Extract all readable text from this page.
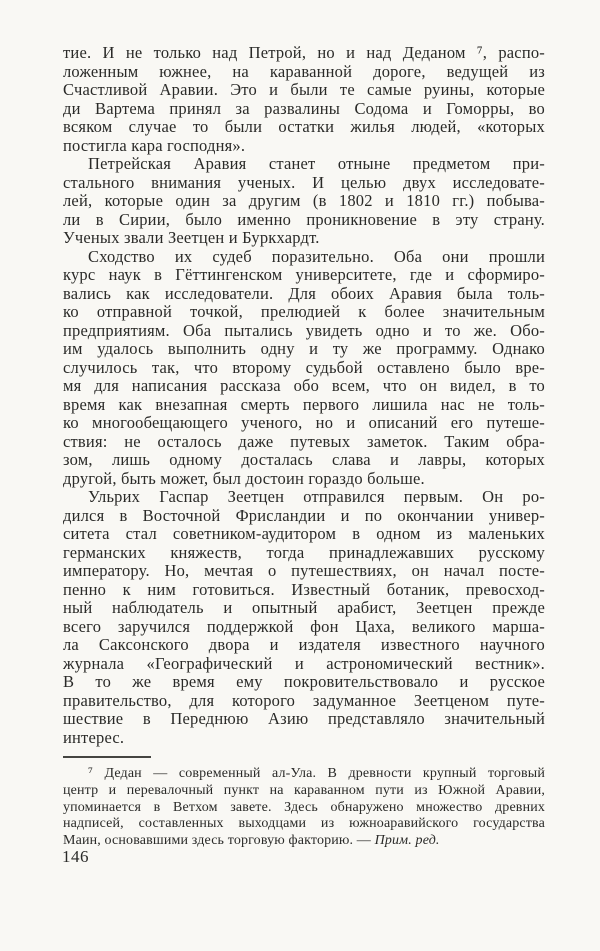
тие. И не только над Петрой, но и над Деданом ⁷, распо-
ложенным южнее, на караванной дороге, ведущей из
Счастливой Аравии. Это и были те самые руины, которые
ди Вартема принял за развалины Содома и Гоморры, во
всяком случае то были остатки жилья людей, «которых
постигла кара господня».
Петрейская Аравия станет отныне предметом при-
стального внимания ученых. И целью двух исследовате-
лей, которые один за другим (в 1802 и 1810 гг.) побыва-
ли в Сирии, было именно проникновение в эту страну.
Ученых звали Зеетцен и Буркхардт.
Сходство их судеб поразительно. Оба они прошли
курс наук в Гёттингенском университете, где и сформиро-
вались как исследователи. Для обоих Аравия была толь-
ко отправной точкой, прелюдией к более значительным
предприятиям. Оба пытались увидеть одно и то же. Обо-
им удалось выполнить одну и ту же программу. Однако
случилось так, что второму судьбой оставлено было вре-
мя для написания рассказа обо всем, что он видел, в то
время как внезапная смерть первого лишила нас не толь-
ко многообещающего ученого, но и описаний его путеше-
ствия: не осталось даже путевых заметок. Таким обра-
зом, лишь одному досталась слава и лавры, которых
другой, быть может, был достоин гораздо больше.
Ульрих Гаспар Зеетцен отправился первым. Он ро-
дился в Восточной Фрисландии и по окончании универ-
ситета стал советником-аудитором в одном из маленьких
германских княжеств, тогда принадлежавших русскому
императору. Но, мечтая о путешествиях, он начал посте-
пенно к ним готовиться. Известный ботаник, превосход-
ный наблюдатель и опытный арабист, Зеетцен прежде
всего заручился поддержкой фон Цаха, великого марша-
ла Саксонского двора и издателя известного научного
журнала «Географический и астрономический вестник».
В то же время ему покровительствовало и русское
правительство, для которого задуманное Зеетценом путе-
шествие в Переднюю Азию представляло значительный
интерес.
⁷ Дедан — современный ал-Ула. В древности крупный торговый
центр и перевалочный пункт на караванном пути из Южной Аравии,
упоминается в Ветхом завете. Здесь обнаружено множество древних
надписей, составленных выходцами из южноаравийского государства
Маин, основавшими здесь торговую факторию. — Прим. ред.
146
